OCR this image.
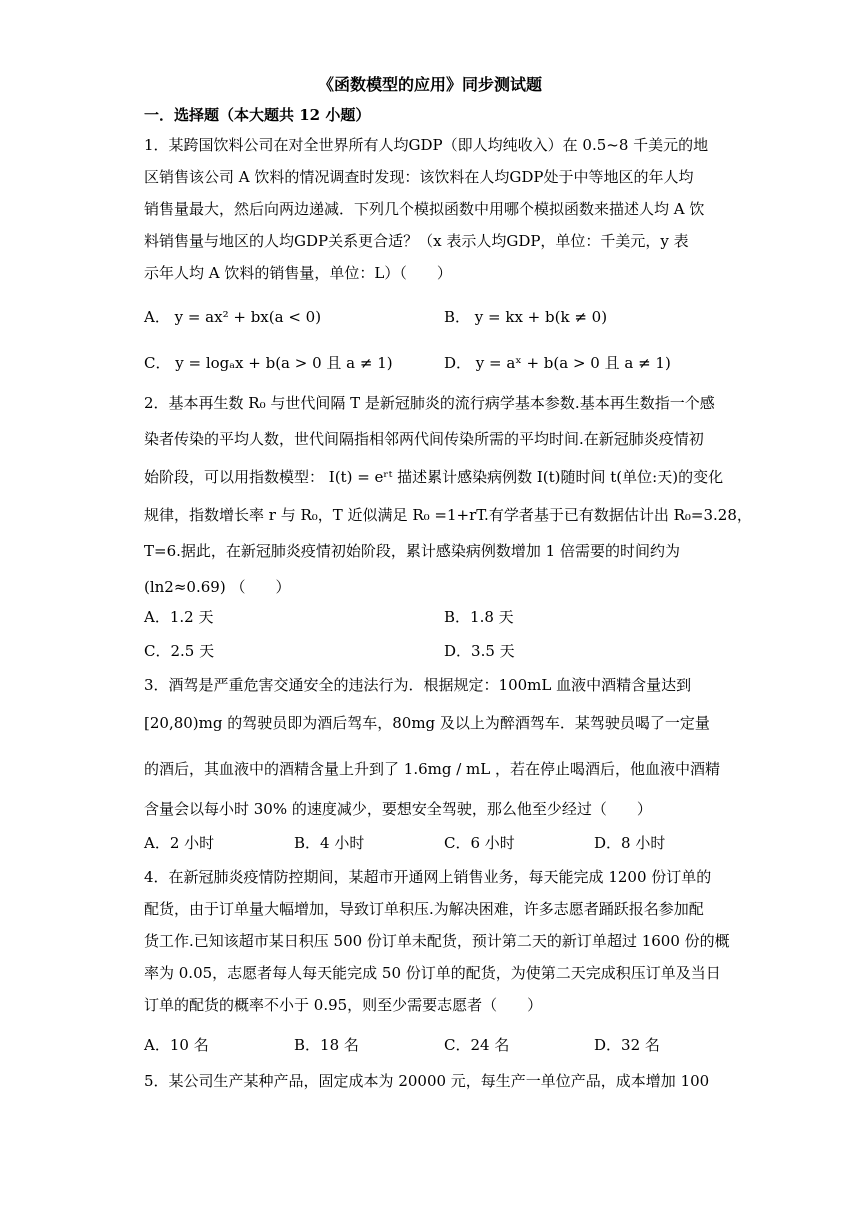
《函数模型的应用》同步测试题
一．选择题（本大题共 12 小题）
1．某跨国饮料公司在对全世界所有人均GDP（即人均纯收入）在 0.5~8 千美元的地
区销售该公司 A 饮料的情况调查时发现：该饮料在人均GDP处于中等地区的年人均
销售量最大，然后向两边递减．下列几个模拟函数中用哪个模拟函数来描述人均 A 饮
料销售量与地区的人均GDP关系更合适？（x 表示人均GDP，单位：千美元，y 表
示年人均 A 饮料的销售量，单位：L）（　　）
A． y = ax² + bx(a < 0)	B． y = kx + b(k ≠ 0)
C． y = logₐx + b(a > 0 且 a ≠ 1)	D． y = aˣ + b(a > 0 且 a ≠ 1)
2．基本再生数 R₀ 与世代间隔 T 是新冠肺炎的流行病学基本参数.基本再生数指一个感
染者传染的平均人数，世代间隔指相邻两代间传染所需的平均时间.在新冠肺炎疫情初
始阶段，可以用指数模型： I(t) = eʳᵗ 描述累计感染病例数 I(t)随时间 t(单位:天)的变化
规律，指数增长率 r 与 R₀，T 近似满足 R₀ =1+rT.有学者基于已有数据估计出 R₀=3.28，
T=6.据此，在新冠肺炎疫情初始阶段，累计感染病例数增加 1 倍需要的时间约为
(ln2≈0.69) （　　）
A．1.2 天	B．1.8 天
C．2.5 天	D．3.5 天
3．酒驾是严重危害交通安全的违法行为．根据规定：100mL 血液中酒精含量达到
[20,80)mg 的驾驶员即为酒后驾车，80mg 及以上为醉酒驾车．某驾驶员喝了一定量
的酒后，其血液中的酒精含量上升到了 1.6mg / mL ，若在停止喝酒后，他血液中酒精
含量会以每小时 30% 的速度减少，要想安全驾驶，那么他至少经过（　　）
A．2 小时	B．4 小时	C．6 小时	D．8 小时
4．在新冠肺炎疫情防控期间，某超市开通网上销售业务，每天能完成 1200 份订单的
配货，由于订单量大幅增加，导致订单积压.为解决困难，许多志愿者踊跃报名参加配
货工作.已知该超市某日积压 500 份订单未配货，预计第二天的新订单超过 1600 份的概
率为 0.05，志愿者每人每天能完成 50 份订单的配货，为使第二天完成积压订单及当日
订单的配货的概率不小于 0.95，则至少需要志愿者（　　）
A．10 名	B．18 名	C．24 名	D．32 名
5．某公司生产某种产品，固定成本为 20000 元，每生产一单位产品，成本增加 100
